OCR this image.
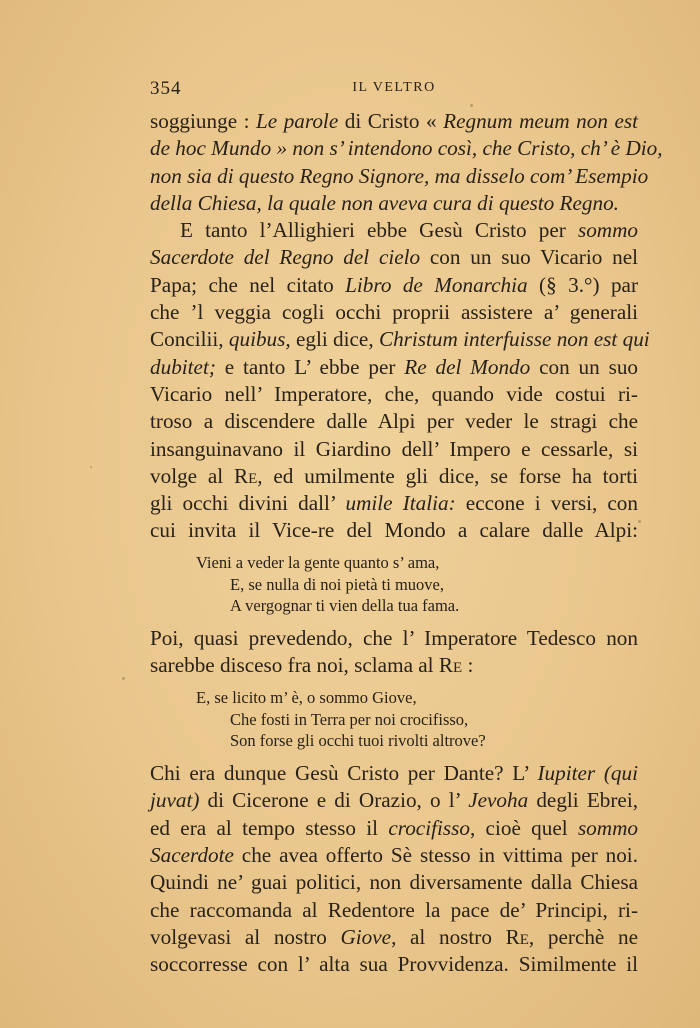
354	IL VELTRO
soggiunge : Le parole di Cristo « Regnum meum non est
de hoc Mundo » non s’ intendono così, che Cristo, ch’ è Dio,
non sia di questo Regno Signore, ma disselo com’ Esempio
della Chiesa, la quale non aveva cura di questo Regno.
E tanto l’Allighieri ebbe Gesù Cristo per sommo
Sacerdote del Regno del cielo con un suo Vicario nel
Papa; che nel citato Libro de Monarchia (§ 3.°) par
che ’l veggia cogli occhi proprii assistere a’ generali
Concilii, quibus, egli dice, Christum interfuisse non est qui
dubitet; e tanto L’ ebbe per Re del Mondo con un suo
Vicario nell’ Imperatore, che, quando vide costui ri-
troso a discendere dalle Alpi per veder le stragi che
insanguinavano il Giardino dell’ Impero e cessarle, si
volge al Re, ed umilmente gli dice, se forse ha torti
gli occhi divini dall’ umile Italia: eccone i versi, con
cui invita il Vice-re del Mondo a calare dalle Alpi:
Vieni a veder la gente quanto s’ ama,
E, se nulla di noi pietà ti muove,
A vergognar ti vien della tua fama.
Poi, quasi prevedendo, che l’ Imperatore Tedesco non
sarebbe disceso fra noi, sclama al Re :
E, se licito m’ è, o sommo Giove,
Che fosti in Terra per noi crocifisso,
Son forse gli occhi tuoi rivolti altrove?
Chi era dunque Gesù Cristo per Dante? L’ Iupiter (qui
juvat) di Cicerone e di Orazio, o l’ Jevoha degli Ebrei,
ed era al tempo stesso il crocifisso, cioè quel sommo
Sacerdote che avea offerto Sè stesso in vittima per noi.
Quindi ne’ guai politici, non diversamente dalla Chiesa
che raccomanda al Redentore la pace de’ Principi, ri-
volgevasi al nostro Giove, al nostro Re, perchè ne
soccorresse con l’ alta sua Provvidenza. Similmente il
